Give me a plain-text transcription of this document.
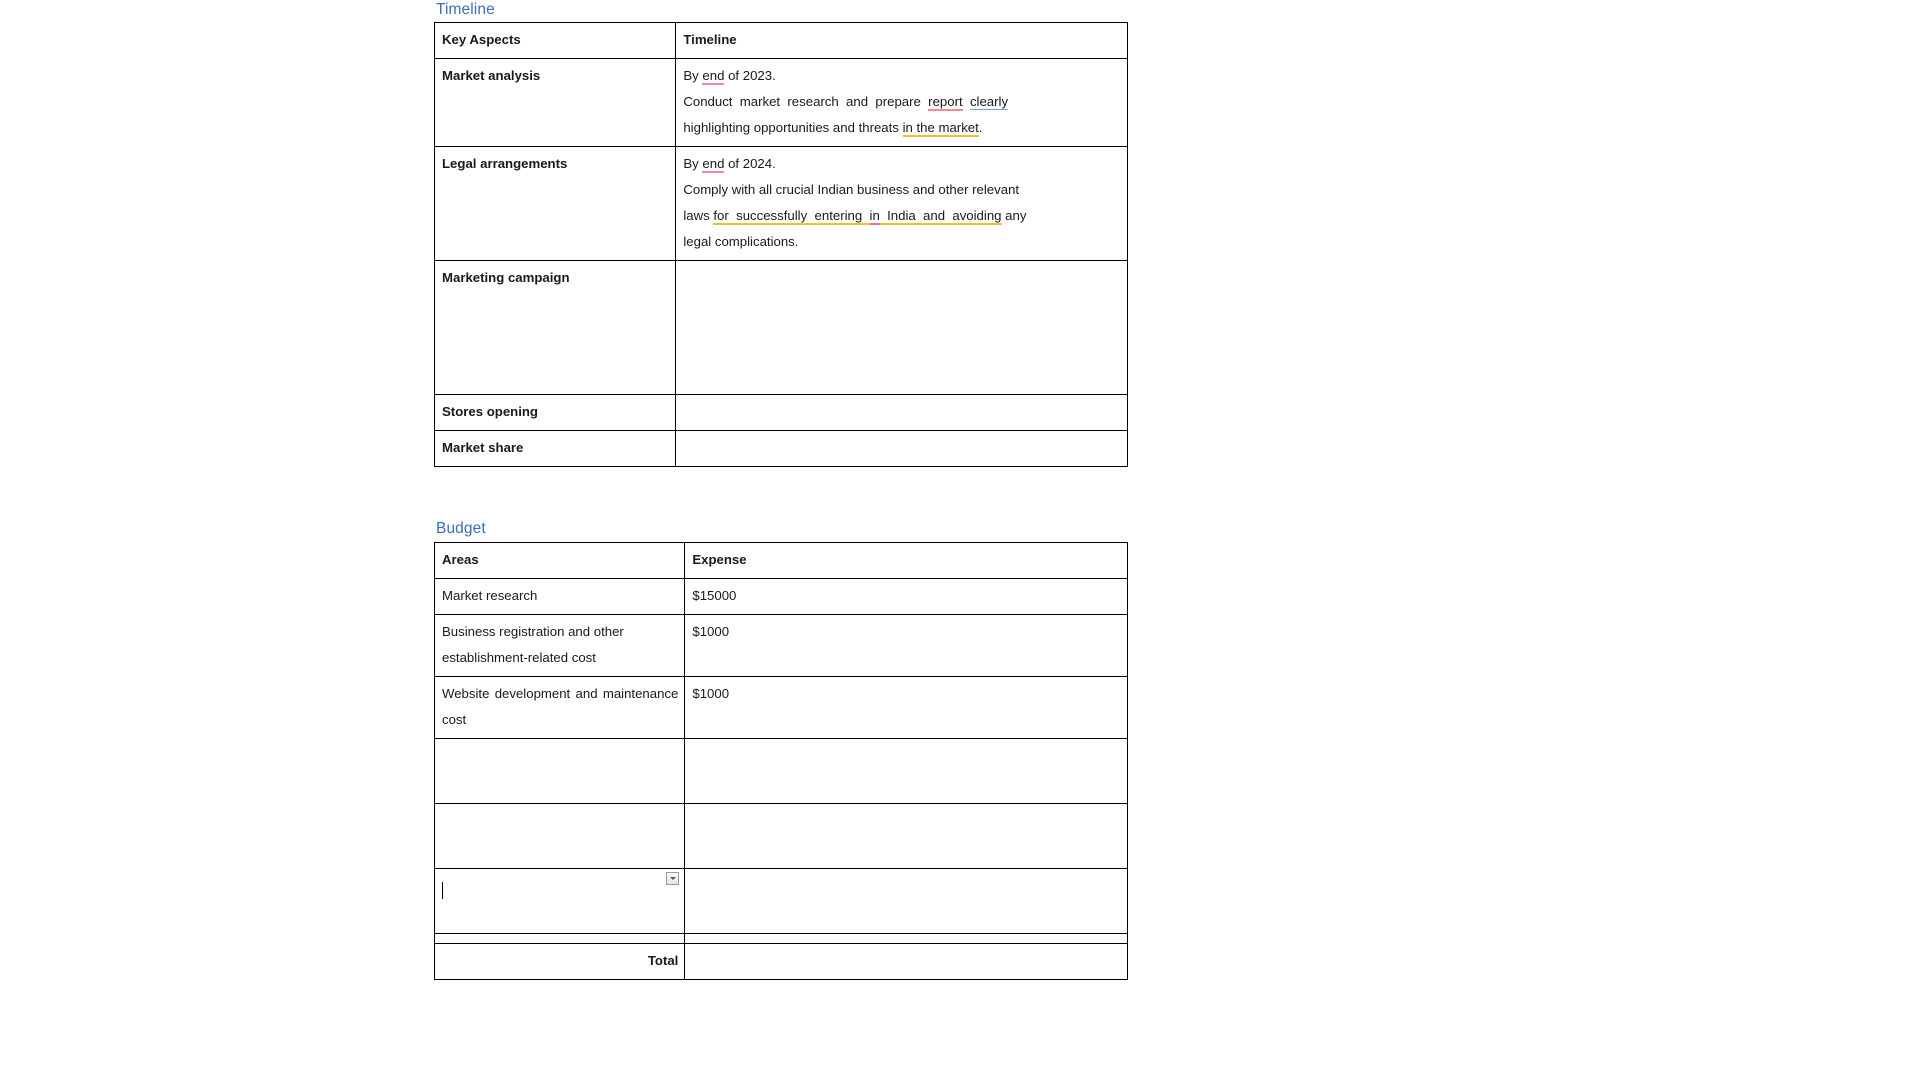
Timeline
Key Aspects	Timeline
Market analysis	By end of 2023.
Conduct  market  research  and  prepare  report clearly
highlighting opportunities and threats in the market.

Legal arrangements	By end of 2024.
Comply with all crucial Indian business and other relevant
laws for  successfully  entering  in  India  and  avoiding any
legal complications.

Marketing campaign	
Stores opening	
Market share	
Budget
Areas	Expense
Market research	$15000
Business registration and other establishment-related cost	$1000
Website development and maintenance cost	$1000

Total	
